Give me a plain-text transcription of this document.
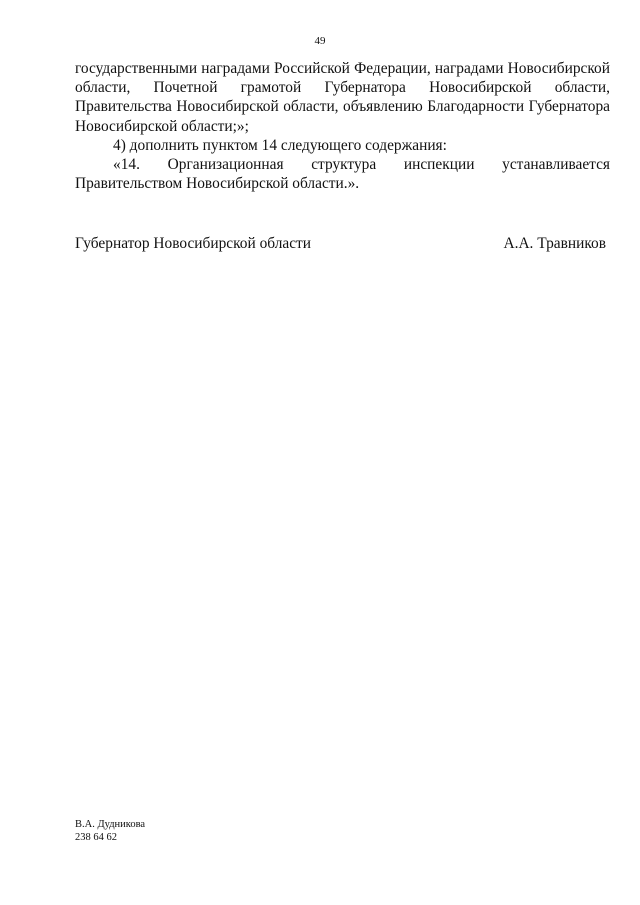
49

государственными наградами Российской Федерации, наградами Новосибирской области, Почетной грамотой Губернатора Новосибирской области, Правительства Новосибирской области, объявлению Благодарности Губернатора Новосибирской области;»;

4) дополнить пунктом 14 следующего содержания:

«14. Организационная структура инспекции устанавливается Правительством Новосибирской области.».

Губернатор Новосибирской области	А.А. Травников
В.А. Дудникова
238 64 62
